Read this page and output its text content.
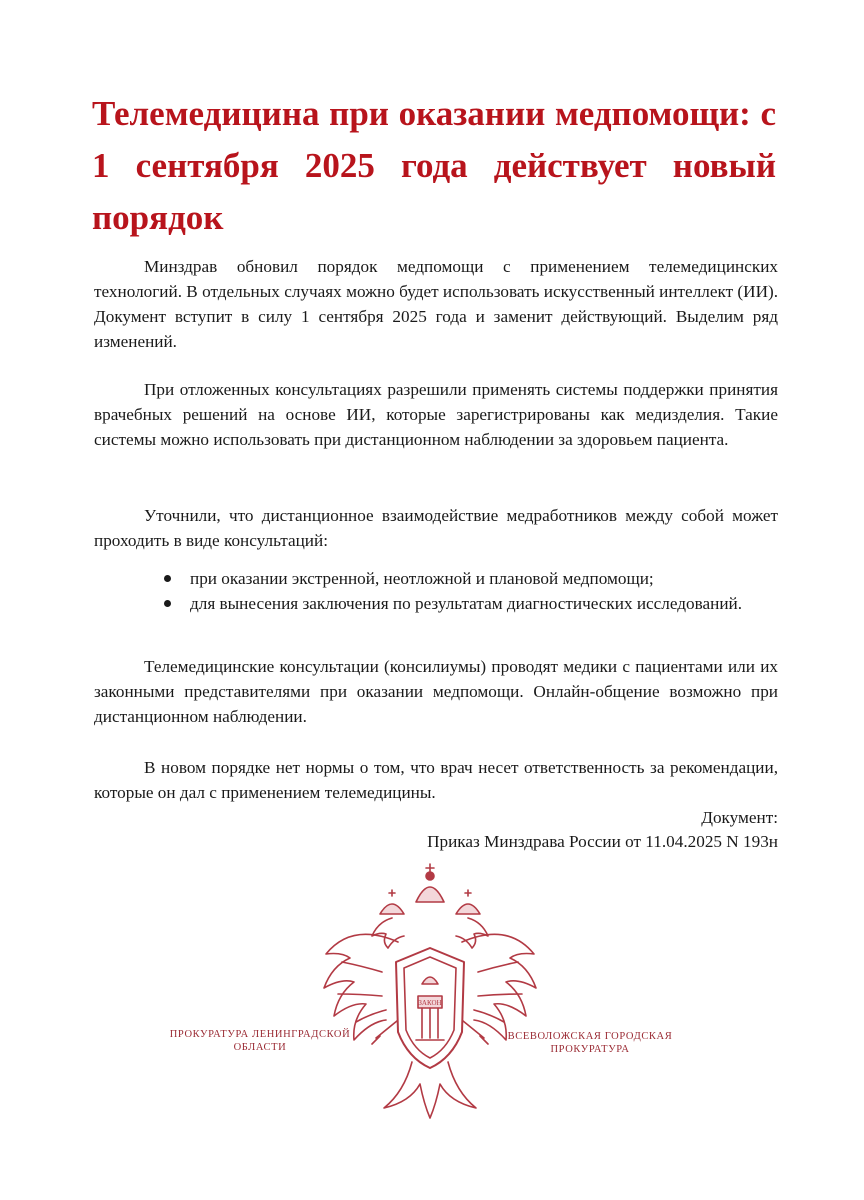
Телемедицина при оказании медпомощи: с 1 сентября 2025 года действует новый порядок

Минздрав обновил порядок медпомощи с применением телемедицинских технологий. В отдельных случаях можно будет использовать искусственный интеллект (ИИ). Документ вступит в силу 1 сентября 2025 года и заменит действующий. Выделим ряд изменений.

При отложенных консультациях разрешили применять системы поддержки принятия врачебных решений на основе ИИ, которые зарегистрированы как медизделия. Такие системы можно использовать при дистанционном наблюдении за здоровьем пациента.

Уточнили, что дистанционное взаимодействие медработников между собой может проходить в виде консультаций:

при оказании экстренной, неотложной и плановой медпомощи;
для вынесения заключения по результатам диагностических исследований.

Телемедицинские консультации (консилиумы) проводят медики с пациентами или их законными представителями при оказании медпомощи. Онлайн-общение возможно при дистанционном наблюдении.

В новом порядке нет нормы о том, что врач несет ответственность за рекомендации, которые он дал с применением телемедицины.

Документ:

Приказ Минздрава России от 11.04.2025 N 193н

ПРОКУРАТУРА ЛЕНИНГРАДСКОЙ ОБЛАСТИ
ВСЕВОЛОЖСКАЯ ГОРОДСКАЯ ПРОКУРАТУРА
ЗАКОН
